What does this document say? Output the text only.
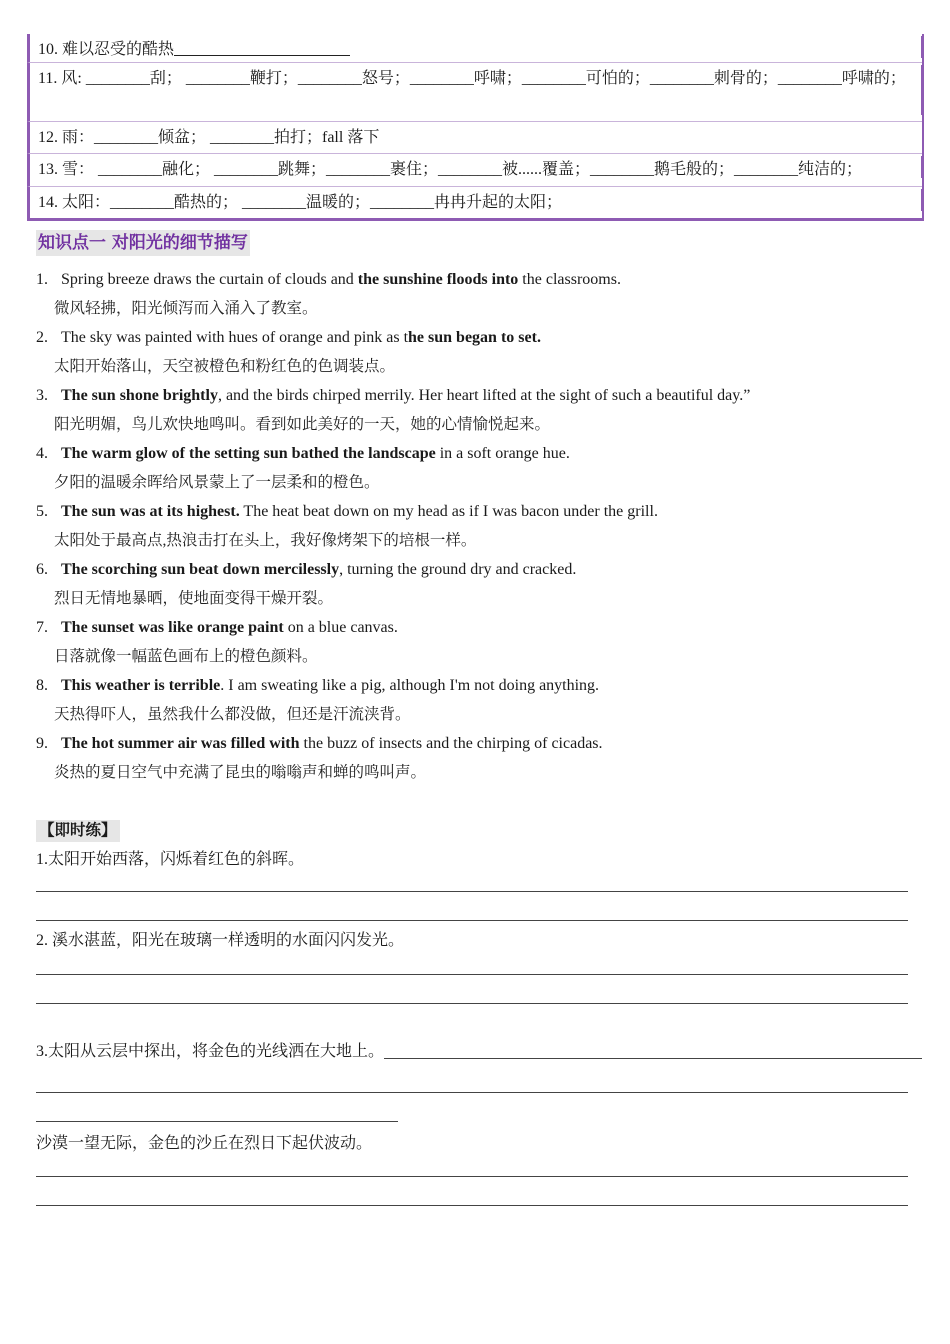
10. 难以忍受的酷热
11. 风: ________刮； ________鞭打；________怒号；________呼啸；________可怕的；________刺骨的；________呼啸的；
12. 雨：________倾盆； ________拍打；fall 落下
13. 雪： ________融化； ________跳舞；________裹住；________被......覆盖；________鹅毛般的；________纯洁的；
14. 太阳：________酷热的； ________温暖的；________冉冉升起的太阳；
知识点一 对阳光的细节描写
1. Spring breeze draws the curtain of clouds and the sunshine floods into the classrooms.
微风轻拂，阳光倾泻而入涌入了教室。
2. The sky was painted with hues of orange and pink as the sun began to set.
太阳开始落山，天空被橙色和粉红色的色调装点。
3. The sun shone brightly, and the birds chirped merrily. Her heart lifted at the sight of such a beautiful day.”
阳光明媚，鸟儿欢快地鸣叫。看到如此美好的一天，她的心情愉悦起来。
4. The warm glow of the setting sun bathed the landscape in a soft orange hue.
夕阳的温暖余晖给风景蒙上了一层柔和的橙色。
5. The sun was at its highest. The heat beat down on my head as if I was bacon under the grill.
太阳处于最高点,热浪击打在头上，我好像烤架下的培根一样。
6. The scorching sun beat down mercilessly, turning the ground dry and cracked.
烈日无情地暴晒，使地面变得干燥开裂。
7. The sunset was like orange paint on a blue canvas.
日落就像一幅蓝色画布上的橙色颜料。
8. This weather is terrible. I am sweating like a pig, although I'm not doing anything.
天热得吓人，虽然我什么都没做，但还是汗流浃背。
9. The hot summer air was filled with the buzz of insects and the chirping of cicadas.
炎热的夏日空气中充满了昆虫的嗡嗡声和蝉的鸣叫声。
【即时练】
1.太阳开始西落，闪烁着红色的斜晖。
2. 溪水湛蓝，阳光在玻璃一样透明的水面闪闪发光。
3.太阳从云层中探出，将金色的光线洒在大地上。
沙漠一望无际，金色的沙丘在烈日下起伏波动。
